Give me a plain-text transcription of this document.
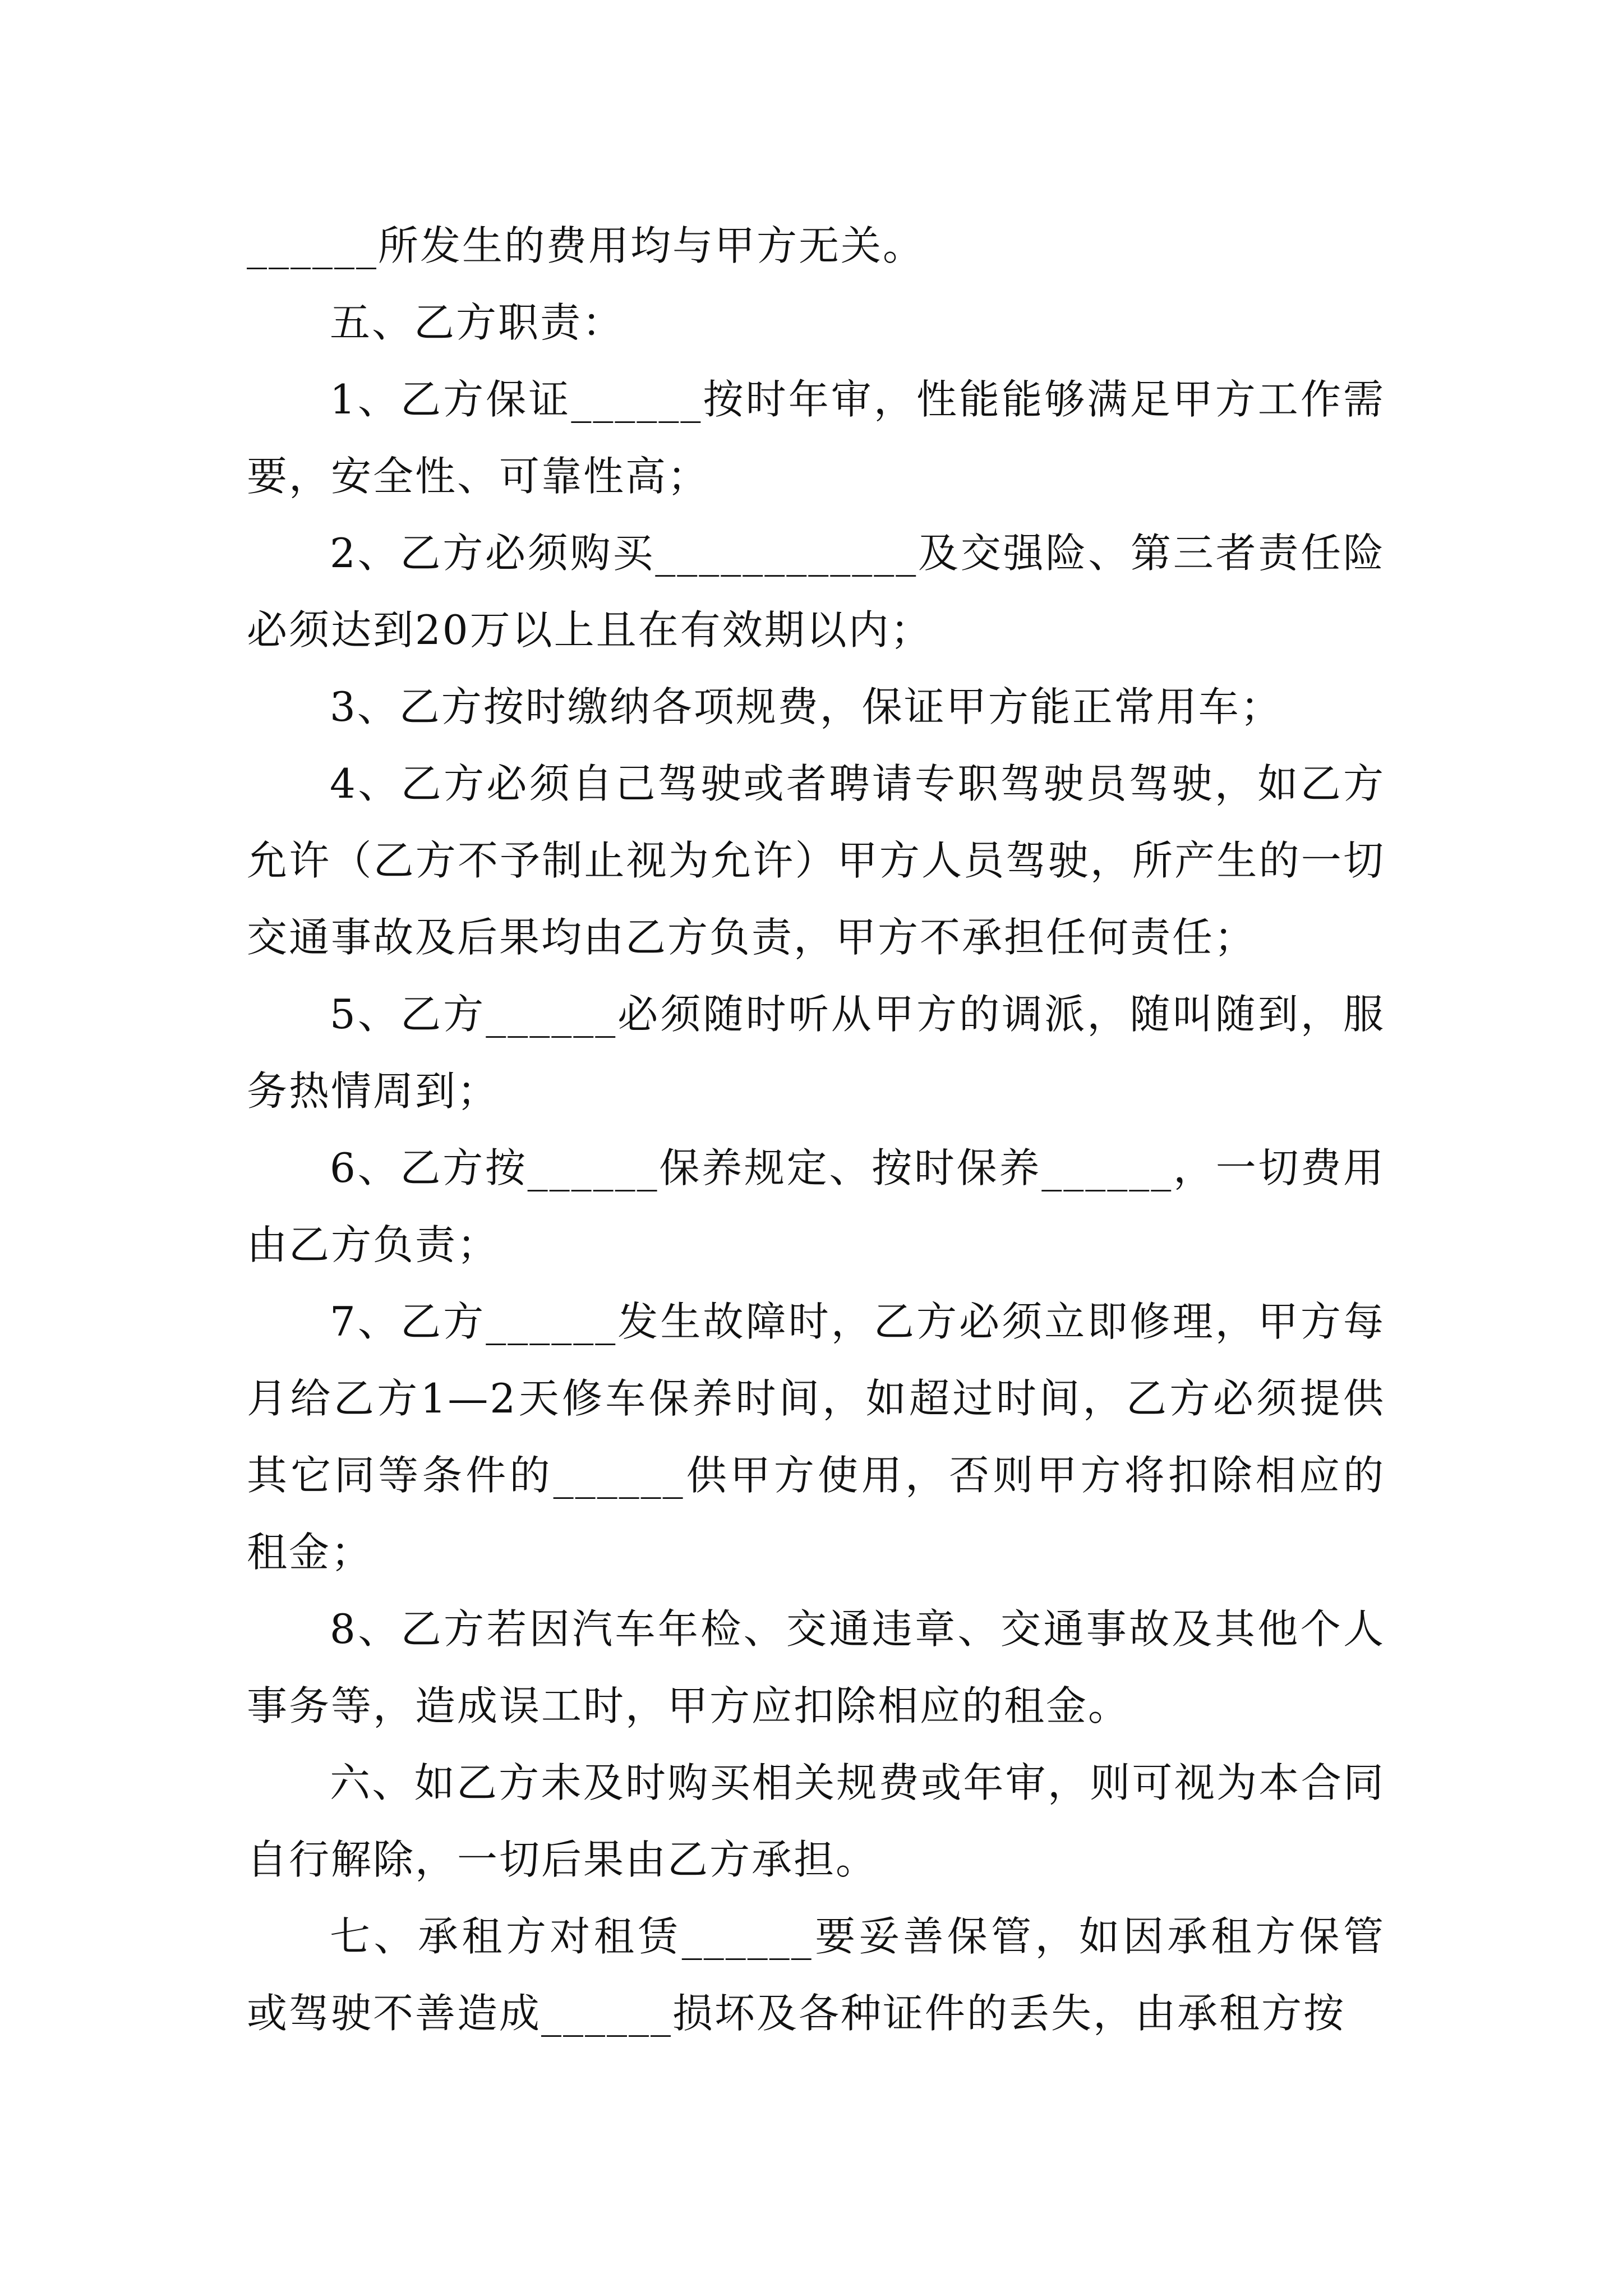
______所发生的费用均与甲方无关。

五、乙方职责：

1、乙方保证______按时年审，性能能够满足甲方工作需要，安全性、可靠性高；

2、乙方必须购买____________及交强险、第三者责任险必须达到20万以上且在有效期以内；

3、乙方按时缴纳各项规费，保证甲方能正常用车；

4、乙方必须自己驾驶或者聘请专职驾驶员驾驶，如乙方允许（乙方不予制止视为允许）甲方人员驾驶，所产生的一切交通事故及后果均由乙方负责，甲方不承担任何责任；

5、乙方______必须随时听从甲方的调派，随叫随到，服务热情周到；

6、乙方按______保养规定、按时保养______，一切费用由乙方负责；

7、乙方______发生故障时，乙方必须立即修理，甲方每月给乙方1—2天修车保养时间，如超过时间，乙方必须提供其它同等条件的______供甲方使用，否则甲方将扣除相应的租金；

8、乙方若因汽车年检、交通违章、交通事故及其他个人事务等，造成误工时，甲方应扣除相应的租金。

六、如乙方未及时购买相关规费或年审，则可视为本合同自行解除，一切后果由乙方承担。

七、承租方对租赁______要妥善保管，如因承租方保管或驾驶不善造成______损坏及各种证件的丢失，由承租方按
